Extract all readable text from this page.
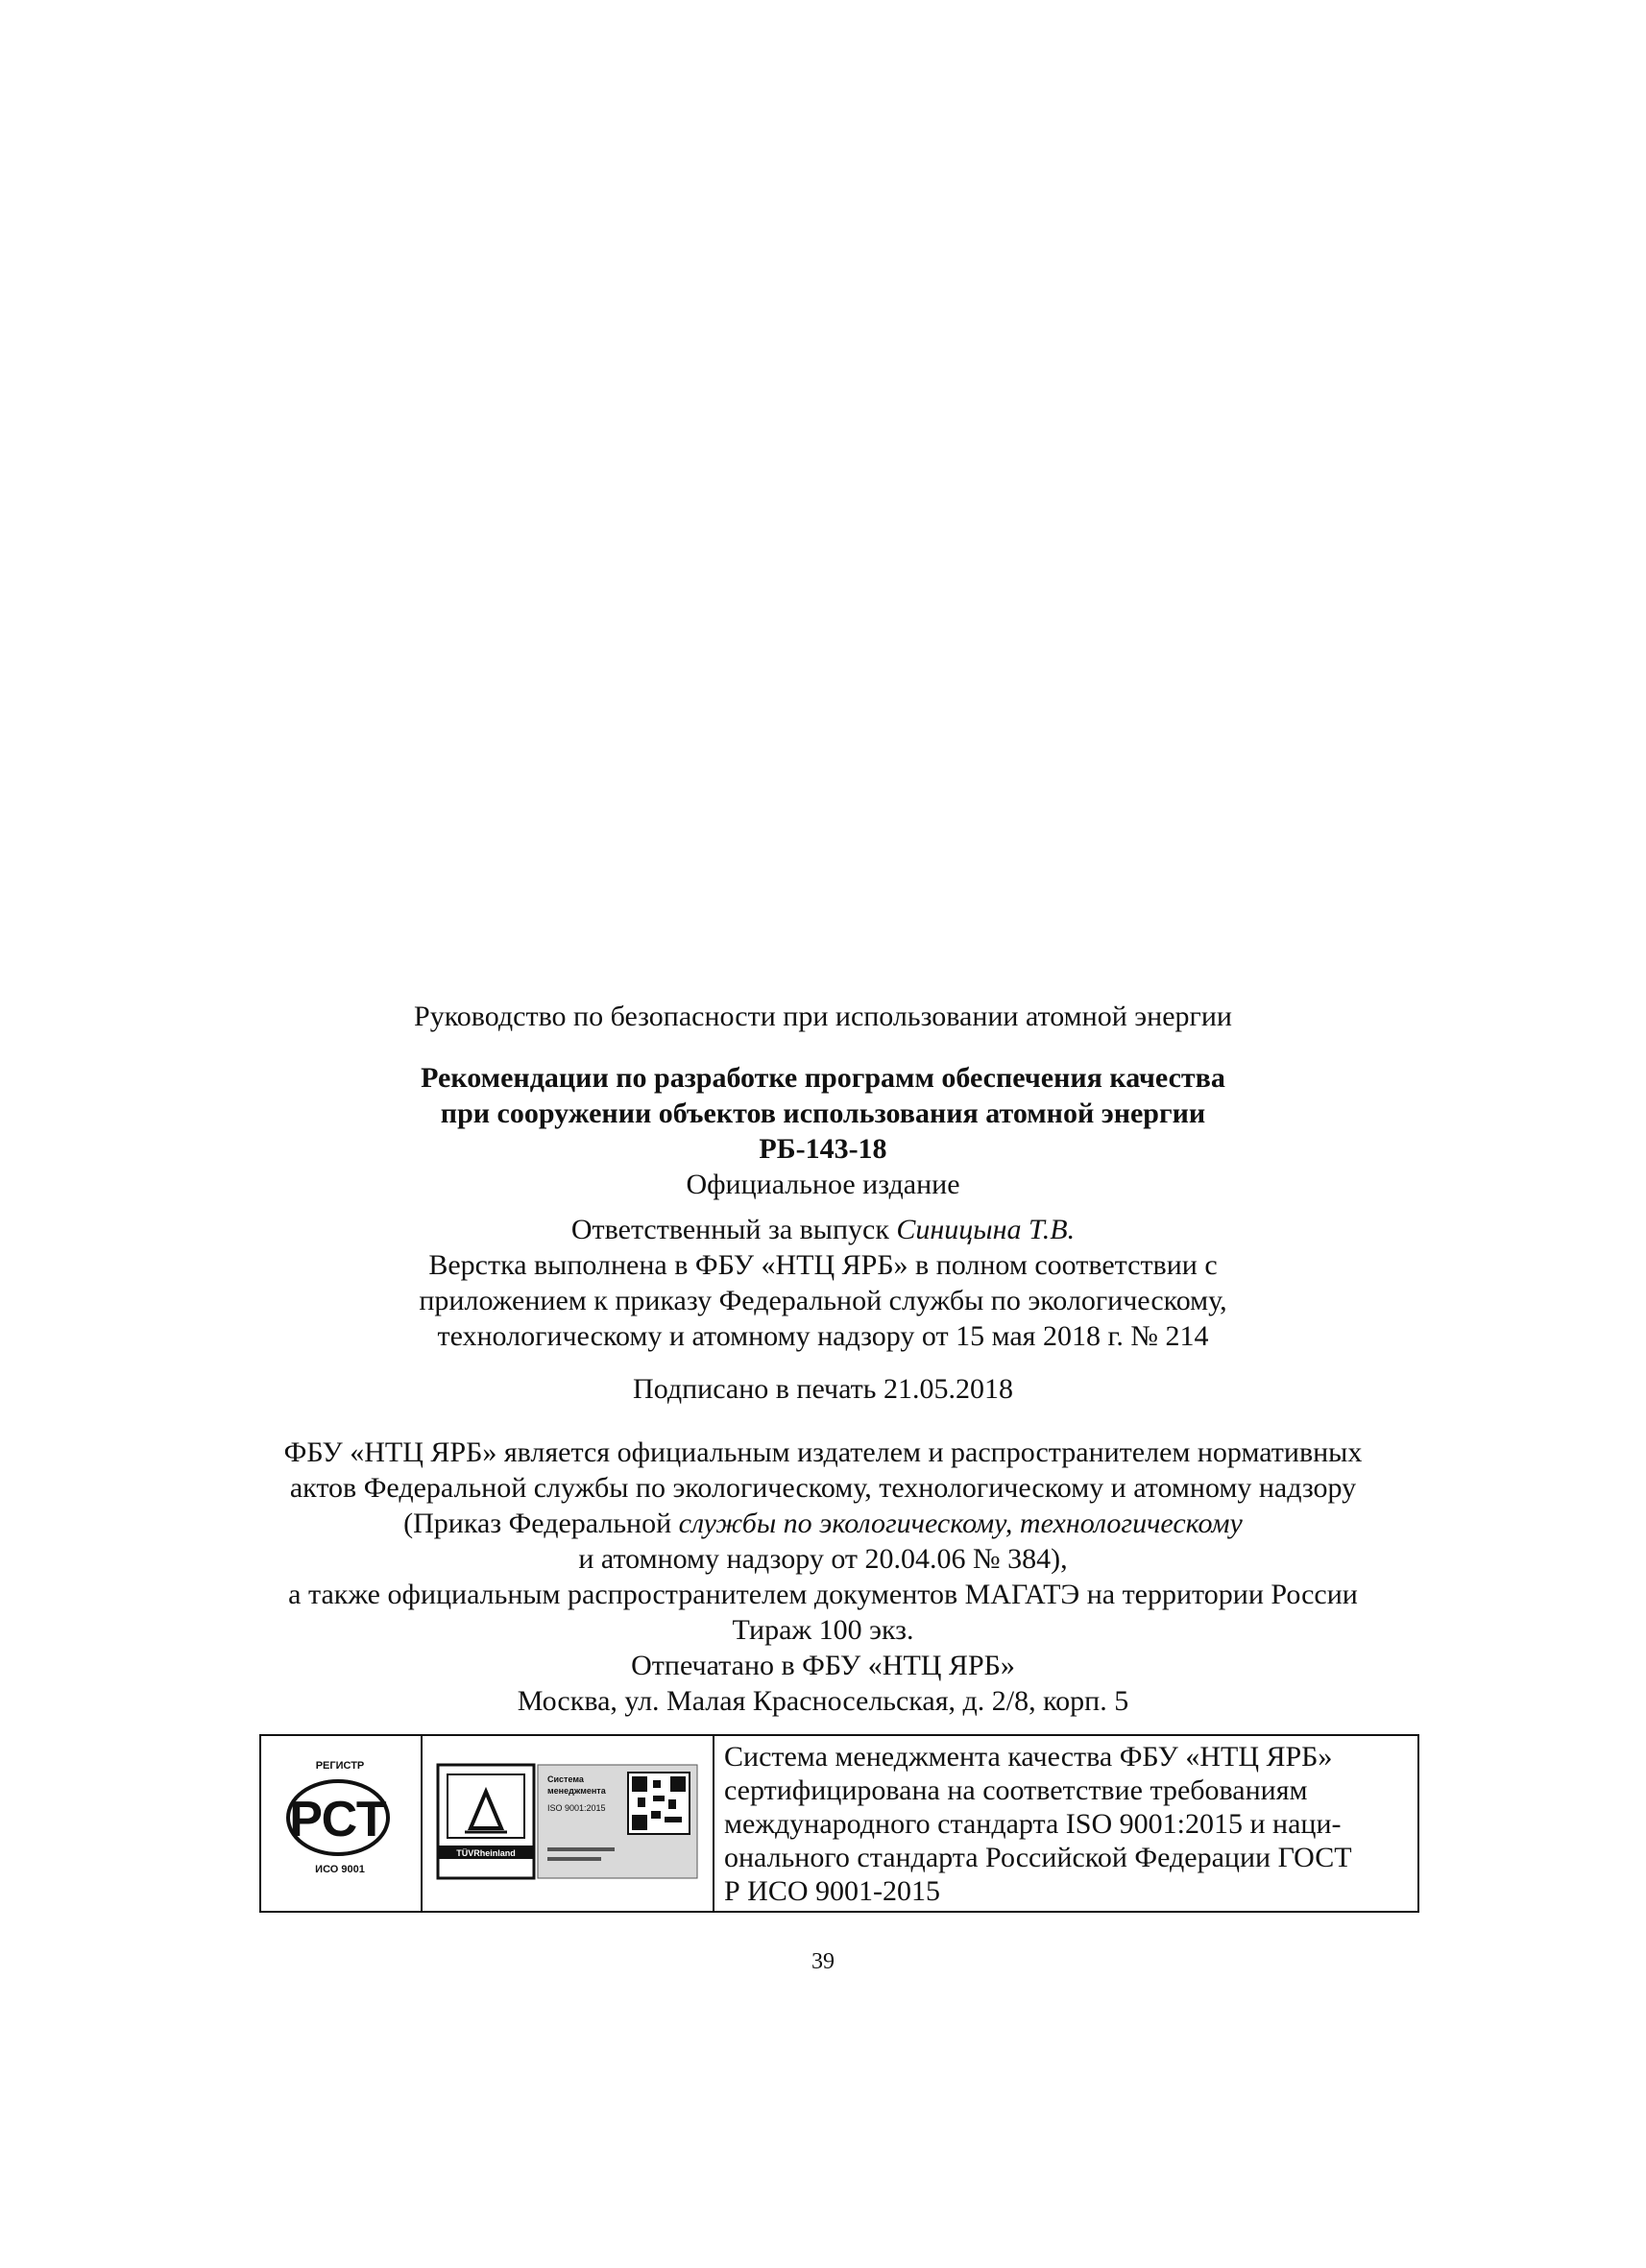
Руководство по безопасности при использовании атомной энергии
Рекомендации по разработке программ обеспечения качества
при сооружении объектов использования атомной энергии
РБ-143-18
Официальное издание
Ответственный за выпуск Синицына Т.В.
Верстка выполнена в ФБУ «НТЦ ЯРБ» в полном соответствии с
приложением к приказу Федеральной службы по экологическому,
технологическому и атомному надзору от 15 мая 2018 г. № 214
Подписано в печать 21.05.2018
ФБУ «НТЦ ЯРБ» является официальным издателем и распространителем нормативных
актов Федеральной службы по экологическому, технологическому и атомному надзору
(Приказ Федеральной службы по экологическому, технологическому
и атомному надзору от 20.04.06 № 384),
а также официальным распространителем документов МАГАТЭ на территории России
Тираж 100 экз.
Отпечатано в ФБУ «НТЦ ЯРБ»
Москва, ул. Малая Красносельская, д. 2/8, корп. 5
РЕГИСТР
РСТ
ИСО 9001
TÜVRheinland
Система
менеджмента
ISO 9001:2015
Система менеджмента качества ФБУ «НТЦ ЯРБ»
сертифицирована на соответствие требованиям
международного стандарта ISO 9001:2015 и наци-
онального стандарта Российской Федерации ГОСТ
Р ИСО 9001-2015
39
